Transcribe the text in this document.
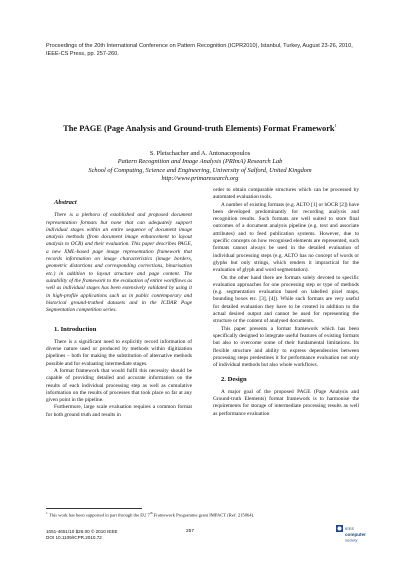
Proceedings of the 20th International Conference on Pattern Recognition (ICPR2010), Istanbul, Turkey, August 23-26, 2010, IEEE-CS Press, pp. 257-260.
The PAGE (Page Analysis and Ground-truth Elements) Format Framework$^1$
S. Pletschacher and A. Antonacopoulos
Pattern Recognition and Image Analysis (PRImA) Research Lab
School of Computing, Science and Engineering, University of Salford, United Kingdom
http://www.primaresearch.org

Abstract

There is a plethora of established and proposed document representation formats but none that can adequately support individual stages within an entire sequence of document image analysis methods (from document image enhancement to layout analysis to OCR) and their evaluation. This paper describes PAGE, a new XML-based page image representation framework that records information on image characteristics (image borders, geometric distortions and corresponding corrections, binarisation etc.) in addition to layout structure and page content. The suitability of the framework to the evaluation of entire workflows as well as individual stages has been extensively validated by using it in high-profile applications such as in public contemporary and historical ground-truthed datasets and in the ICDAR Page Segmentation competition series.

1. Introduction

There is a significant need to explicitly record information of diverse nature used or produced by methods within digitization pipelines – both for making the substitution of alternative methods possible and for evaluating intermediate stages.

A format framework that would fulfil this necessity should be capable of providing detailed and accurate information on the results of each individual processing step as well as cumulative information on the results of processes that took place so far at any given point in the pipeline.

Furthermore, large scale evaluation requires a common format for both ground truth and results in

order to obtain comparable structures which can be processed by automated evaluation tools.

A number of existing formats (e.g. ALTO [1] or hOCR [2]) have been developed predominantly for recording analysis and recognition results. Such formats are well suited to store final outcomes of a document analysis pipeline (e.g. text and associate attributes) and to feed publication systems. However, due to specific concepts on how recognised elements are represented, such formats cannot always be used in the detailed evaluation of individual processing steps (e.g. ALTO has no concept of words or glyphs but only strings, which renders it impractical for the evaluation of glyph and word segmentation).

On the other hand there are formats solely devoted to specific evaluation approaches for one processing step or type of methods (e.g. segmentation evaluation based on labelled pixel maps, bounding boxes etc. [3], [4]). While such formats are very useful for detailed evaluation they have to be created in addition to the actual desired output and cannot be used for representing the structure or the content of analysed documents.

This paper presents a format framework which has been specifically designed to integrate useful features of existing formats but also to overcome some of their fundamental limitations. Its flexible structure and ability to express dependencies between processing steps predestines it for performance evaluation not only of individual methods but also whole workflows.

2. Design

A major goal of the proposed PAGE (Page Analysis and Ground-truth Elements) format framework is to harmonise the requirements for storage of intermediate processing results as well as performance evaluation

$^1$ This work has been supported in part through the EU 7th Framework Programme grant IMPACT (Ref: 215064).
1051-4651/10 $26.00 © 2010 IEEE
DOI 10.1109/ICPR.2010.72
257
IEEE
computer
society
